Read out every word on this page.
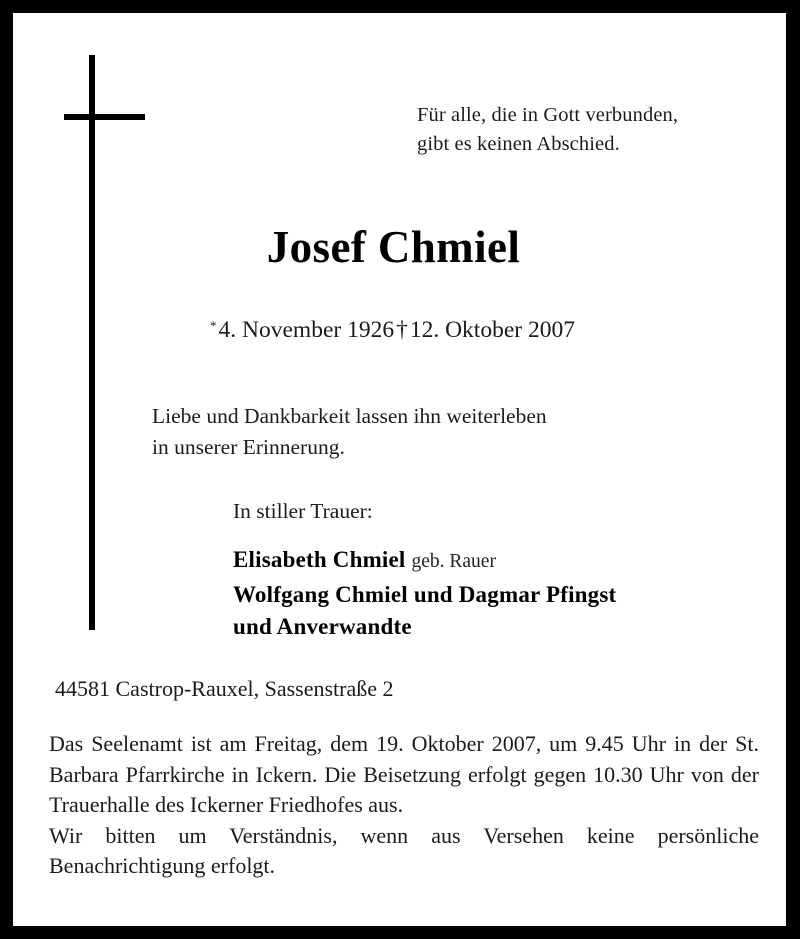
Für alle, die in Gott verbunden,
gibt es keinen Abschied.
Josef Chmiel
*4. November 1926†12. Oktober 2007
Liebe und Dankbarkeit lassen ihn weiterleben
in unserer Erinnerung.
In stiller Trauer:
Elisabeth Chmiel geb. Rauer
Wolfgang Chmiel und Dagmar Pfingst
und Anverwandte
44581 Castrop-Rauxel, Sassenstraße 2

Das Seelenamt ist am Freitag, dem 19. Oktober 2007, um 9.45 Uhr in der St. Barbara Pfarrkirche in Ickern. Die Beisetzung erfolgt gegen 10.30 Uhr von der Trauerhalle des Ickerner Friedhofes aus.

Wir bitten um Verständnis, wenn aus Versehen keine persönliche Benachrichtigung erfolgt.
